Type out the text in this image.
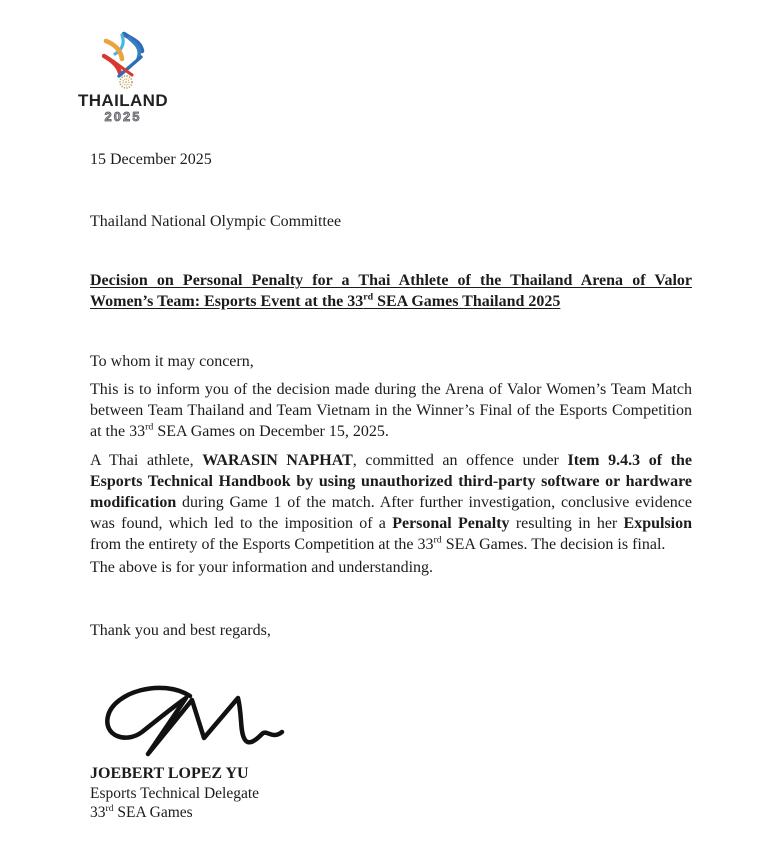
THAILAND
2025
15 December 2025
Thailand National Olympic Committee
Decision on Personal Penalty for a Thai Athlete of the Thailand Arena of Valor
Women’s Team: Esports Event at the 33rd SEA Games Thailand 2025
To whom it may concern,

This is to inform you of the decision made during the Arena of Valor Women’s Team Match between Team Thailand and Team Vietnam in the Winner’s Final of the Esports Competition at the 33rd SEA Games on December 15, 2025.

A Thai athlete, WARASIN NAPHAT, committed an offence under Item 9.4.3 of the Esports Technical Handbook by using unauthorized third-party software or hardware modification during Game 1 of the match. After further investigation, conclusive evidence was found, which led to the imposition of a Personal Penalty resulting in her Expulsion from the entirety of the Esports Competition at the 33rd SEA Games. The decision is final.

The above is for your information and understanding.
Thank you and best regards,
JOEBERT LOPEZ YU
Esports Technical Delegate
33rd SEA Games
